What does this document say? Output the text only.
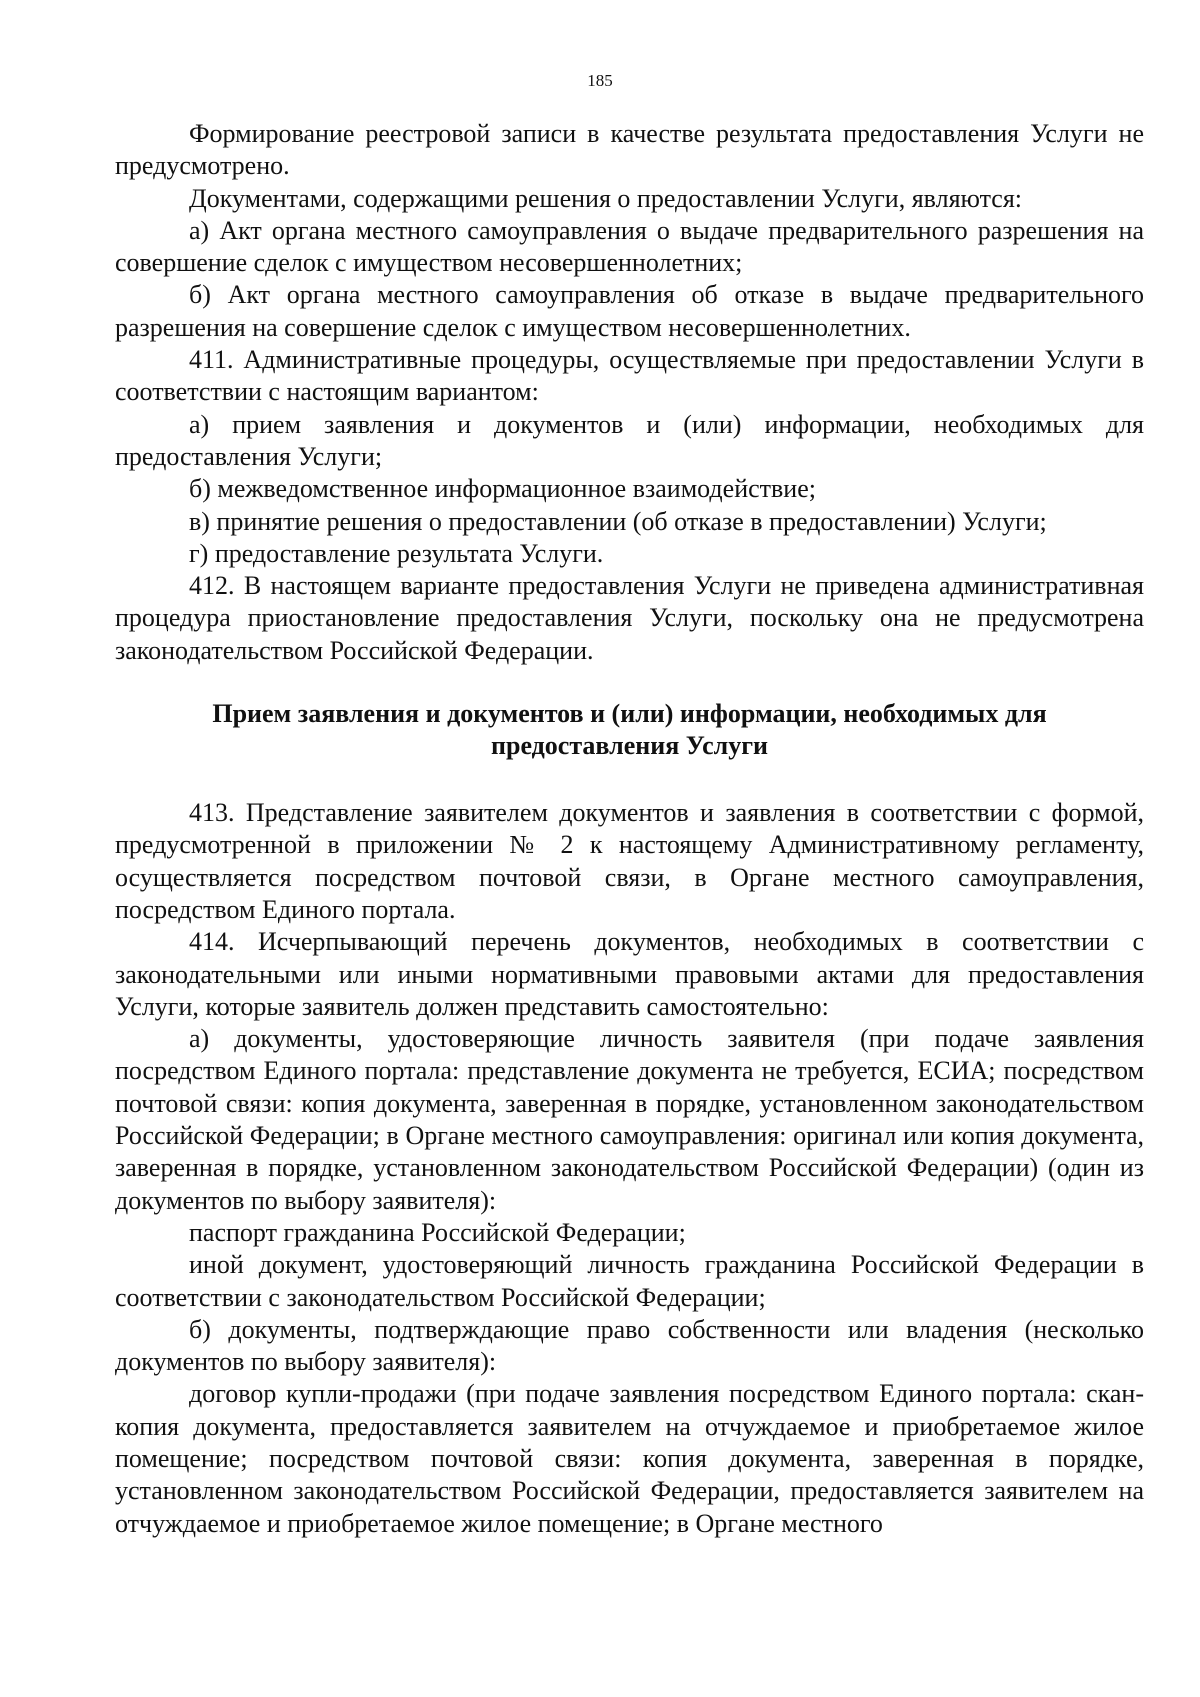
185

Формирование реестровой записи в качестве результата предоставления Услуги не предусмотрено.

Документами, содержащими решения о предоставлении Услуги, являются:

а) Акт органа местного самоуправления о выдаче предварительного разрешения на совершение сделок с имуществом несовершеннолетних;

б) Акт органа местного самоуправления об отказе в выдаче предварительного разрешения на совершение сделок с имуществом несовершеннолетних.

411. Административные процедуры, осуществляемые при предоставлении Услуги в соответствии с настоящим вариантом:

а) прием заявления и документов и (или) информации, необходимых для предоставления Услуги;

б) межведомственное информационное взаимодействие;

в) принятие решения о предоставлении (об отказе в предоставлении) Услуги;

г) предоставление результата Услуги.

412. В настоящем варианте предоставления Услуги не приведена административная процедура приостановление предоставления Услуги, поскольку она не предусмотрена законодательством Российской Федерации.

Прием заявления и документов и (или) информации, необходимых для
предоставления Услуги

413. Представление заявителем документов и заявления в соответствии с формой, предусмотренной в приложении № 2 к настоящему Административному регламенту, осуществляется посредством почтовой связи, в Органе местного самоуправления, посредством Единого портала.

414. Исчерпывающий перечень документов, необходимых в соответствии с законодательными или иными нормативными правовыми актами для предоставления Услуги, которые заявитель должен представить самостоятельно:

а) документы, удостоверяющие личность заявителя (при подаче заявления посредством Единого портала: представление документа не требуется, ЕСИА; посредством почтовой связи: копия документа, заверенная в порядке, установленном законодательством Российской Федерации; в Органе местного самоуправления: оригинал или копия документа, заверенная в порядке, установленном законодательством Российской Федерации) (один из документов по выбору заявителя):

паспорт гражданина Российской Федерации;

иной документ, удостоверяющий личность гражданина Российской Федерации в соответствии с законодательством Российской Федерации;

б) документы, подтверждающие право собственности или владения (несколько документов по выбору заявителя):

договор купли-продажи (при подаче заявления посредством Единого портала: скан-копия документа, предоставляется заявителем на отчуждаемое и приобретаемое жилое помещение; посредством почтовой связи: копия документа, заверенная в порядке, установленном законодательством Российской Федерации, предоставляется заявителем на отчуждаемое и приобретаемое жилое помещение; в Органе местного
